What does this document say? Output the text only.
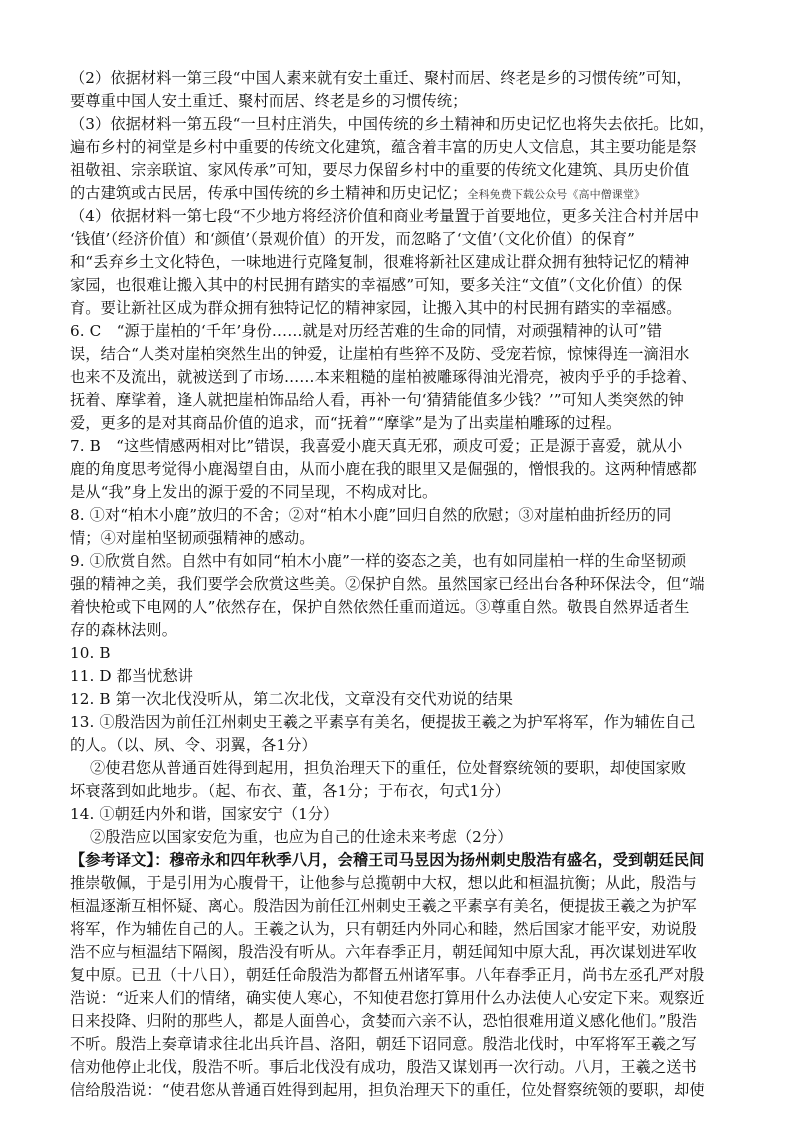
（2）依据材料一第三段“中国人素来就有安土重迁、聚村而居、终老是乡的习惯传统”可知，
要尊重中国人安土重迁、聚村而居、终老是乡的习惯传统；
（3）依据材料一第五段“一旦村庄消失，中国传统的乡土精神和历史记忆也将失去依托。比如，
遍布乡村的祠堂是乡村中重要的传统文化建筑，蕴含着丰富的历史人文信息，其主要功能是祭
祖敬祖、宗亲联谊、家风传承”可知，要尽力保留乡村中的重要的传统文化建筑、具历史价值
的古建筑或古民居，传承中国传统的乡土精神和历史记忆；全科免费下载公众号《高中僧课堂》
（4）依据材料一第七段“不少地方将经济价值和商业考量置于首要地位，更多关注合村并居中
‘钱值’（经济价值）和‘颜值’（景观价值）的开发，而忽略了‘文值’（文化价值）的保育”
和“丢弃乡土文化特色，一味地进行克隆复制，很难将新社区建成让群众拥有独特记忆的精神
家园，也很难让搬入其中的村民拥有踏实的幸福感”可知，要多关注“文值”（文化价值）的保
育。要让新社区成为群众拥有独特记忆的精神家园，让搬入其中的村民拥有踏实的幸福感。
6. C　“源于崖柏的‘千年’身份……就是对历经苦难的生命的同情，对顽强精神的认可”错
误，结合“人类对崖柏突然生出的钟爱，让崖柏有些猝不及防、受宠若惊，惊悚得连一滴泪水
也来不及流出，就被送到了市场……本来粗糙的崖柏被雕琢得油光滑亮，被肉乎乎的手捻着、
抚着、摩挲着，逢人就把崖柏饰品给人看，再补一句‘猜猜能值多少钱？’”可知人类突然的钟
爱，更多的是对其商品价值的追求，而“抚着”“摩挲”是为了出卖崖柏雕琢的过程。
7. B　“这些情感两相对比”错误，我喜爱小鹿天真无邪，顽皮可爱；正是源于喜爱，就从小
鹿的角度思考觉得小鹿渴望自由，从而小鹿在我的眼里又是倔强的，憎恨我的。这两种情感都
是从“我”身上发出的源于爱的不同呈现，不构成对比。
8. ①对“柏木小鹿”放归的不舍；②对“柏木小鹿”回归自然的欣慰；③对崖柏曲折经历的同
情；④对崖柏坚韧顽强精神的感动。
9. ①欣赏自然。自然中有如同“柏木小鹿”一样的姿态之美，也有如同崖柏一样的生命坚韧顽
强的精神之美，我们要学会欣赏这些美。②保护自然。虽然国家已经出台各种环保法令，但“端
着快枪或下电网的人”依然存在，保护自然依然任重而道远。③尊重自然。敬畏自然界适者生
存的森林法则。
10. B
11. D 都当忧愁讲
12. B 第一次北伐没听从，第二次北伐，文章没有交代劝说的结果
13. ①殷浩因为前任江州刺史王羲之平素享有美名，便提拔王羲之为护军将军，作为辅佐自己
的人。（以、夙、令、羽翼，各1分）
②使君您从普通百姓得到起用，担负治理天下的重任，位处督察统领的要职，却使国家败
坏衰落到如此地步。（起、布衣、董，各1分；于布衣，句式1分）
14. ①朝廷内外和谐，国家安宁（1分）
②殷浩应以国家安危为重，也应为自己的仕途未来考虑（2分）
【参考译文】：穆帝永和四年秋季八月，会稽王司马昱因为扬州刺史殷浩有盛名，受到朝廷民间
推崇敬佩，于是引用为心腹骨干，让他参与总揽朝中大权，想以此和桓温抗衡；从此，殷浩与
桓温逐渐互相怀疑、离心。殷浩因为前任江州刺史王羲之平素享有美名，便提拔王羲之为护军
将军，作为辅佐自己的人。王羲之认为，只有朝廷内外同心和睦，然后国家才能平安，劝说殷
浩不应与桓温结下隔阂，殷浩没有听从。六年春季正月，朝廷闻知中原大乱，再次谋划进军收
复中原。已丑（十八日），朝廷任命殷浩为都督五州诸军事。八年春季正月，尚书左丞孔严对殷
浩说：“近来人们的情绪，确实使人寒心，不知使君您打算用什么办法使人心安定下来。观察近
日来投降、归附的那些人，都是人面兽心，贪婪而六亲不认，恐怕很难用道义感化他们。”殷浩
不听。殷浩上奏章请求往北出兵许昌、洛阳，朝廷下诏同意。殷浩北伐时，中军将军王羲之写
信劝他停止北伐，殷浩不听。事后北伐没有成功，殷浩又谋划再一次行动。八月，王羲之送书
信给殷浩说：“使君您从普通百姓得到起用，担负治理天下的重任，位处督察统领的要职，却使
